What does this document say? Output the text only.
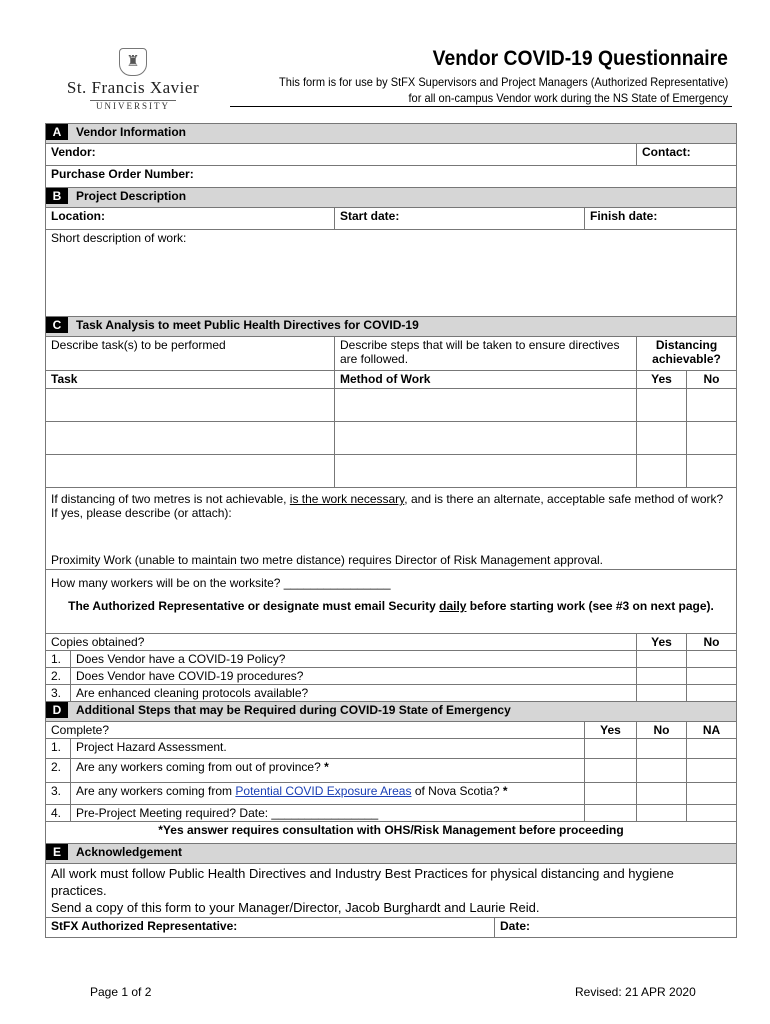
♜
St. Francis Xavier
UNIVERSITY
Vendor COVID-19 Questionnaire
This form is for use by StFX Supervisors and Project Managers (Authorized Representative)
for all on-campus Vendor work during the NS State of Emergency
A Vendor Information						
Vendor:					Contact:	
Purchase Order Number:						
B Project Description						
Location:		Start date:		Finish date:		
Short description of work:						
C Task Analysis to meet Public Health Directives for COVID-19						
Describe task(s) to be performed		Describe steps that will be taken to ensure directives are followed.			Distancing achievable?	
Task		Method of Work			Yes	No

If distancing of two metres is not achievable, is the work necessary, and is there an alternate, acceptable safe method of work? If yes, please describe (or attach):
Proximity Work (unable to maintain two metre distance) requires Director of Risk Management approval.						

How many workers will be on the worksite? ________________
The Authorized Representative or designate must email Security daily before starting work (see #3 on next page).						

Copies obtained?					Yes	No
1.	Does Vendor have a COVID-19 Policy?					
2.	Does Vendor have COVID-19 procedures?					
3.	Are enhanced cleaning protocols available?					
D Additional Steps that may be Required during COVID-19 State of Emergency						
Complete?				Yes	No	NA
1.	Project Hazard Assessment.					
2.	Are any workers coming from out of province? *					
3.	Are any workers coming from Potential COVID Exposure Areas of Nova Scotia? *					
4.	Pre-Project Meeting required? Date: ________________					
*Yes answer requires consultation with OHS/Risk Management before proceeding						
E Acknowledgement						

All work must follow Public Health Directives and Industry Best Practices for physical distancing and hygiene practices.
Send a copy of this form to your Manager/Director, Jacob Burghardt and Laurie Reid.						

StFX Authorized Representative:			Date:			
Page 1 of 2	Revised: 21 APR 2020
